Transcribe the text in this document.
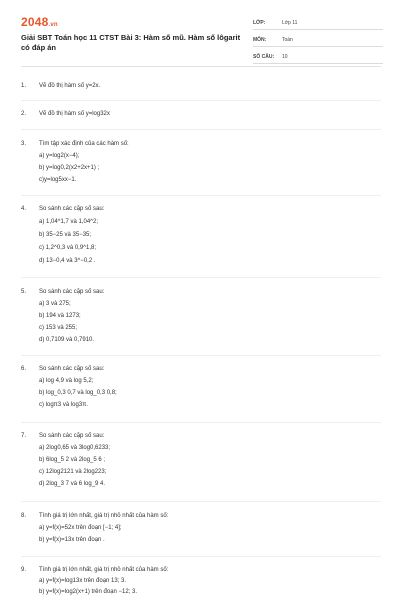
2048.vn
Giải SBT Toán học 11 CTST Bài 3: Hàm số mũ. Hàm số lôgarit có đáp án
LỚP:	Lớp 11
MÔN:	Toán
SỐ CÂU:	10
1. Vẽ đồ thị hàm số y=2x.
2. Vẽ đồ thị hàm số y=log32x
3. Tìm tập xác định của các hàm số:
a) y=log2(x−4);
b) y=log0,2(x2+2x+1) ;
c)y=log5xx−1.
4. So sánh các cặp số sau:
a) 1,04^1,7 và 1,04^2;
b) 35−25 và 35−35;
c) 1,2^0,3 và 0,9^1,8;
d) 13−0,4 và 3^−0,2 .
5. So sánh các cặp số sau:
a) 3 và 275;
b) 194 và 1273;
c) 153 và 255;
d) 0,7109 và 0,7910.
6. So sánh các cặp số sau:
a) log 4,9 và log 5,2;
b) log_0,3 0,7 và log_0,3 0,8;
c) logπ3 và log3π.
7. So sánh các cặp số sau:
a) 2log0,65 và 3log0,6233;
b) 6log_5 2 và 2log_5 6 ;
c) 12log2121 và 2log223;
d) 2log_3 7 và 6 log_9 4.
8. Tính giá trị lớn nhất, giá trị nhỏ nhất của hàm số:
a) y=f(x)=52x trên đoạn [−1; 4];
b) y=f(x)=13x trên đoạn .
9. Tính giá trị lớn nhất, giá trị nhỏ nhất của hàm số:
a) y=f(x)=log13x trên đoạn 13; 3.
b) y=f(x)=log2(x+1) trên đoạn −12; 3.
